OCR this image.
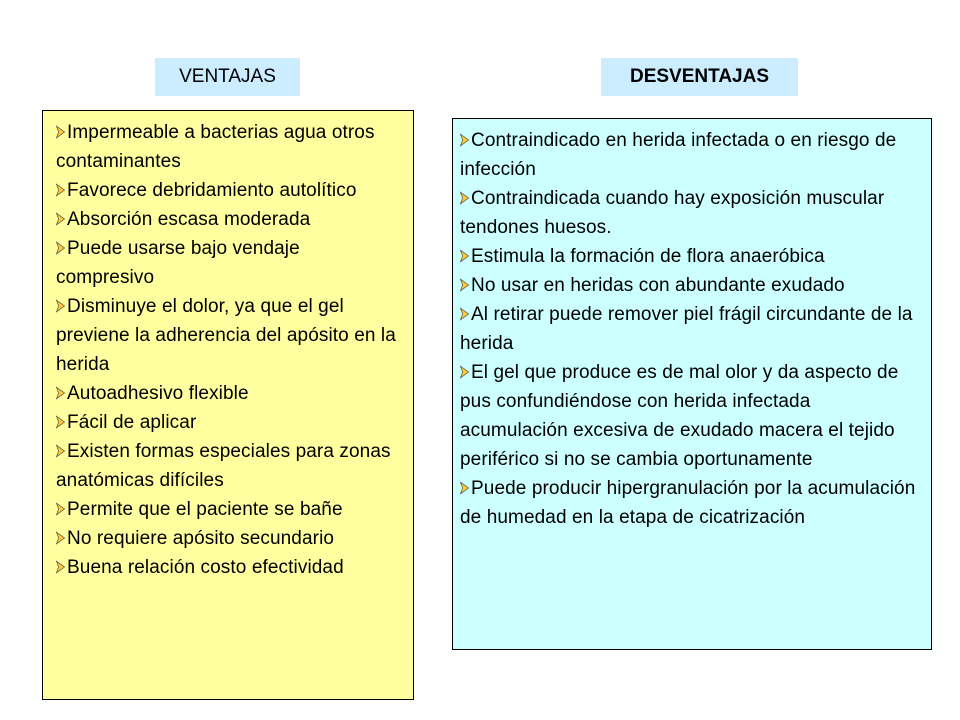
VENTAJAS	DESVENTAJAS
Impermeable a bacterias agua otros contaminantes
Favorece debridamiento autolítico
Absorción escasa moderada
Puede usarse bajo vendaje compresivo
Disminuye el dolor, ya que el gel previene la adherencia del apósito en la herida
Autoadhesivo flexible
Fácil de aplicar
Existen formas especiales para zonas anatómicas difíciles
Permite que el paciente se bañe
No requiere apósito secundario
Buena relación costo efectividad
Contraindicado en herida infectada o en riesgo de infección
Contraindicada cuando hay exposición muscular tendones huesos.
Estimula la formación de flora anaeróbica
No usar en heridas con abundante exudado
Al retirar puede remover piel frágil circundante de la herida
El gel que produce es de mal olor y da aspecto de pus confundiéndose con herida infectada acumulación excesiva de exudado macera el tejido periférico si no se cambia oportunamente
Puede producir hipergranulación por la acumulación de humedad en la etapa de cicatrización
